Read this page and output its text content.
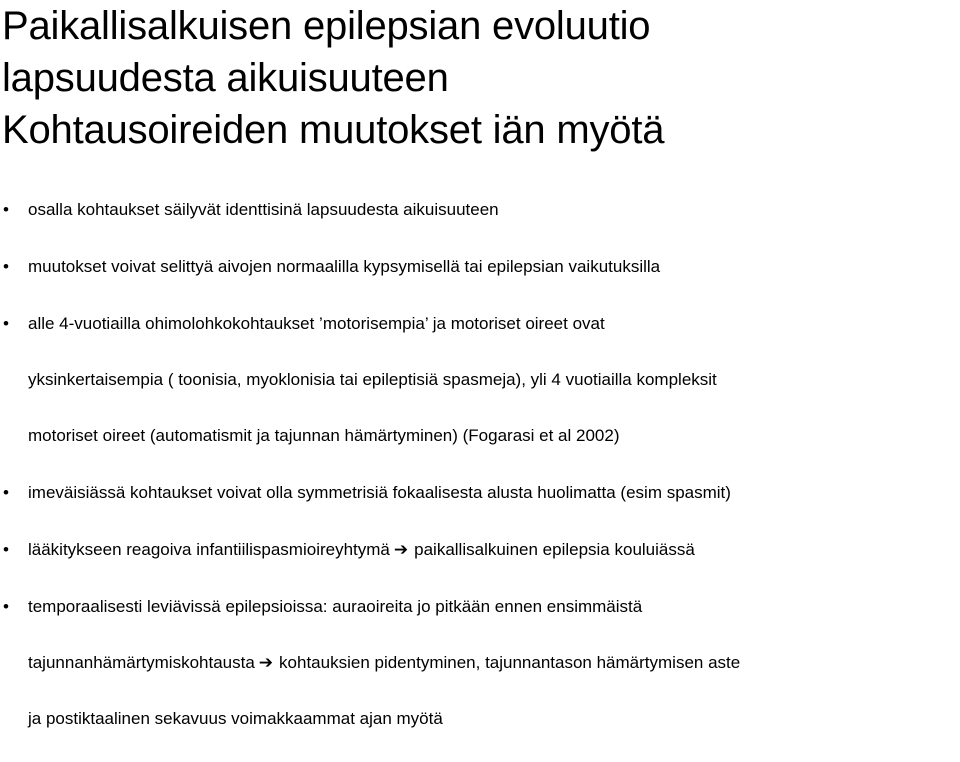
Paikallisalkuisen epilepsian evoluutio
lapsuudesta aikuisuuteen
Kohtausoireiden muutokset iän myötä
• osalla kohtaukset säilyvät identtisinä lapsuudesta aikuisuuteen
• muutokset voivat selittyä aivojen normaalilla kypsymisellä tai epilepsian vaikutuksilla
• alle 4-vuotiailla ohimolohkokohtaukset ’motorisempia’ ja motoriset oireet ovat
yksinkertaisempia ( toonisia, myoklonisia tai epileptisiä spasmeja), yli 4 vuotiailla kompleksit
motoriset oireet (automatismit ja tajunnan hämärtyminen) (Fogarasi et al 2002)
• imeväisiässä kohtaukset voivat olla symmetrisiä fokaalisesta alusta huolimatta (esim spasmit)
• lääkitykseen reagoiva infantiilispasmioireyhtymä ➔ paikallisalkuinen epilepsia kouluiässä
• temporaalisesti leviävissä epilepsioissa: auraoireita jo pitkään ennen ensimmäistä
tajunnanhämärtymiskohtausta ➔ kohtauksien pidentyminen, tajunnantason hämärtymisen aste
ja postiktaalinen sekavuus voimakkaammat ajan myötä
